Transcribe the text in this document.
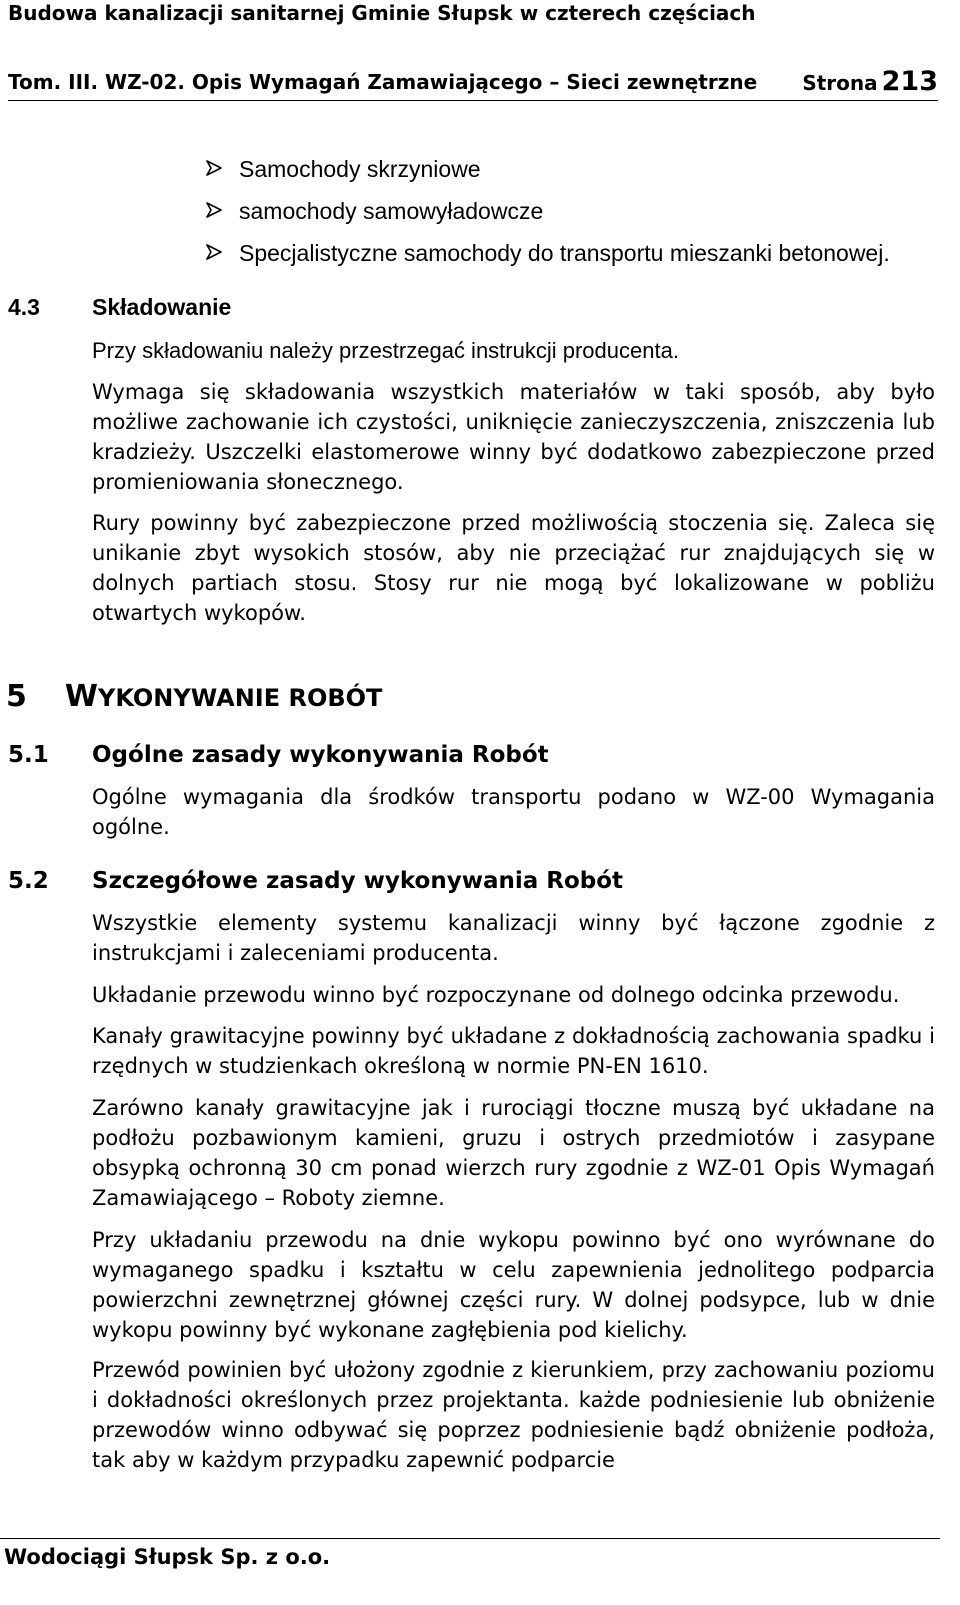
Budowa kanalizacji sanitarnej Gminie Słupsk w czterech częściach
Tom. III. WZ-02. Opis Wymagań Zamawiającego – Sieci zewnętrzne Strona 213
Samochody skrzyniowe
samochody samowyładowcze
Specjalistyczne samochody do transportu mieszanki betonowej.
4.3 Składowanie
Przy składowaniu należy przestrzegać instrukcji producenta.
Wymaga się składowania wszystkich materiałów w taki sposób, aby było możliwe zachowanie ich czystości, uniknięcie zanieczyszczenia, zniszczenia lub kradzieży. Uszczelki elastomerowe winny być dodatkowo zabezpieczone przed promieniowania słonecznego.
Rury powinny być zabezpieczone przed możliwością stoczenia się. Zaleca się unikanie zbyt wysokich stosów, aby nie przeciążać rur znajdujących się w dolnych partiach stosu. Stosy rur nie mogą być lokalizowane w pobliżu otwartych wykopów.
5 WYKONYWANIE ROBÓT
5.1 Ogólne zasady wykonywania Robót
Ogólne wymagania dla środków transportu podano w WZ-00 Wymagania ogólne.
5.2 Szczegółowe zasady wykonywania Robót
Wszystkie elementy systemu kanalizacji winny być łączone zgodnie z instrukcjami i zaleceniami producenta.
Układanie przewodu winno być rozpoczynane od dolnego odcinka przewodu.
Kanały grawitacyjne powinny być układane z dokładnością zachowania spadku i rzędnych w studzienkach określoną w normie PN-EN 1610.
Zarówno kanały grawitacyjne jak i rurociągi tłoczne muszą być układane na podłożu pozbawionym kamieni, gruzu i ostrych przedmiotów i zasypane obsypką ochronną 30 cm ponad wierzch rury zgodnie z WZ-01 Opis Wymagań Zamawiającego – Roboty ziemne.
Przy układaniu przewodu na dnie wykopu powinno być ono wyrównane do wymaganego spadku i kształtu w celu zapewnienia jednolitego podparcia powierzchni zewnętrznej głównej części rury. W dolnej podsypce, lub w dnie wykopu powinny być wykonane zagłębienia pod kielichy.
Przewód powinien być ułożony zgodnie z kierunkiem, przy zachowaniu poziomu i dokładności określonych przez projektanta. każde podniesienie lub obniżenie przewodów winno odbywać się poprzez podniesienie bądź obniżenie podłoża, tak aby w każdym przypadku zapewnić podparcie
Wodociągi Słupsk Sp. z o.o.
